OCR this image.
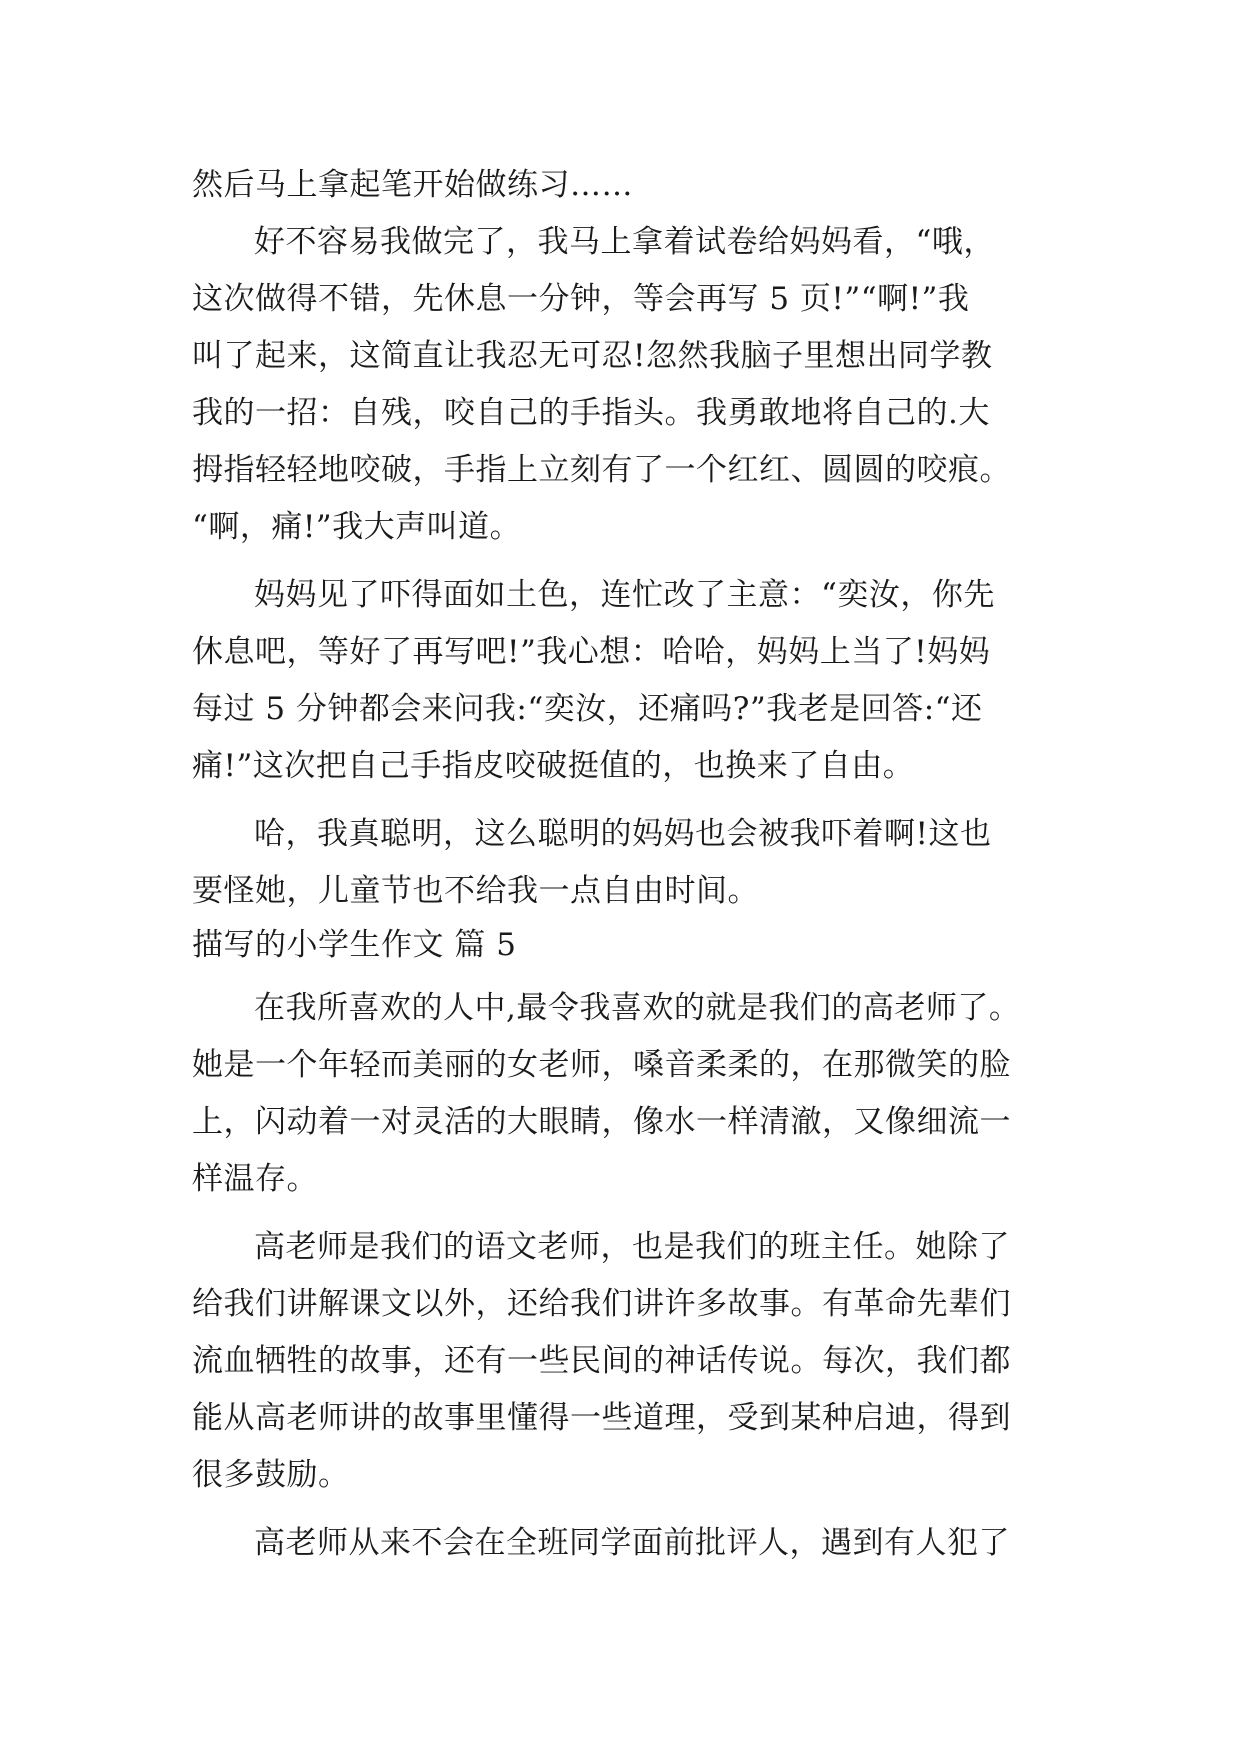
然后马上拿起笔开始做练习……
好不容易我做完了，我马上拿着试卷给妈妈看，“哦，
这次做得不错，先休息一分钟，等会再写 5 页!”“啊!”我
叫了起来，这简直让我忍无可忍!忽然我脑子里想出同学教
我的一招：自残，咬自己的手指头。我勇敢地将自己的.大
拇指轻轻地咬破，手指上立刻有了一个红红、圆圆的咬痕。
“啊，痛!”我大声叫道。
妈妈见了吓得面如土色，连忙改了主意：“奕汝，你先
休息吧，等好了再写吧!”我心想：哈哈，妈妈上当了!妈妈
每过 5 分钟都会来问我:“奕汝，还痛吗?”我老是回答:“还
痛!”这次把自己手指皮咬破挺值的，也换来了自由。
哈，我真聪明，这么聪明的妈妈也会被我吓着啊!这也
要怪她，儿童节也不给我一点自由时间。
描写的小学生作文 篇 5
在我所喜欢的人中,最令我喜欢的就是我们的高老师了。
她是一个年轻而美丽的女老师，嗓音柔柔的，在那微笑的脸
上，闪动着一对灵活的大眼睛，像水一样清澈，又像细流一
样温存。
高老师是我们的语文老师，也是我们的班主任。她除了
给我们讲解课文以外，还给我们讲许多故事。有革命先辈们
流血牺牲的故事，还有一些民间的神话传说。每次，我们都
能从高老师讲的故事里懂得一些道理，受到某种启迪，得到
很多鼓励。
高老师从来不会在全班同学面前批评人，遇到有人犯了
